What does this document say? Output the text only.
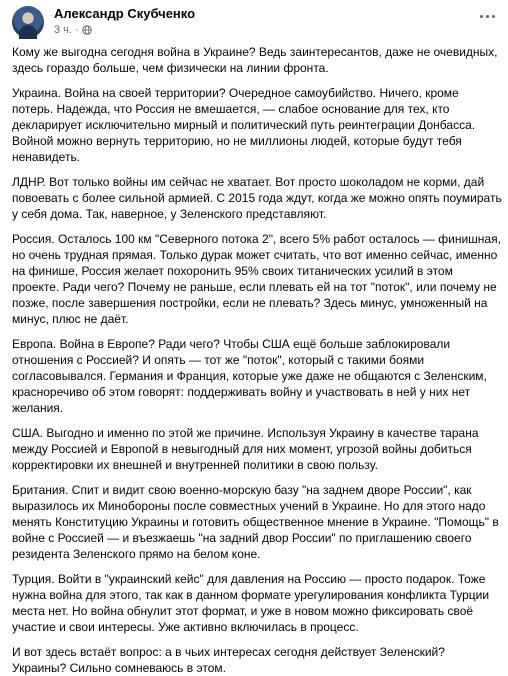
Александр Скубченко
3 ч. ·

Кому же выгодна сегодня война в Украине? Ведь заинтересантов, даже не очевидных, здесь гораздо больше, чем физически на линии фронта.

Украина. Война на своей территории? Очередное самоубийство. Ничего, кроме потерь. Надежда, что Россия не вмешается, — слабое основание для тех, кто декларирует исключительно мирный и политический путь реинтеграции Донбасса. Войной можно вернуть территорию, но не миллионы людей, которые будут тебя ненавидеть.

ЛДНР. Вот только войны им сейчас не хватает. Вот просто шоколадом не корми, дай повоевать с более сильной армией. С 2015 года ждут, когда же можно опять поумирать у себя дома. Так, наверное, у Зеленского представляют.

Россия. Осталось 100 км "Северного потока 2", всего 5% работ осталось — финишная, но очень трудная прямая. Только дурак может считать, что вот именно сейчас, именно на финише, Россия желает похоронить 95% своих титанических усилий в этом проекте. Ради чего? Почему не раньше, если плевать ей на тот "поток", или почему не позже, после завершения постройки, если не плевать? Здесь минус, умноженный на минус, плюс не даёт.

Европа. Война в Европе? Ради чего? Чтобы США ещё больше заблокировали отношения с Россией? И опять — тот же "поток", который с такими боями согласовывался. Германия и Франция, которые уже даже не общаются с Зеленским, красноречиво об этом говорят: поддерживать войну и участвовать в ней у них нет желания.

США. Выгодно и именно по этой же причине. Используя Украину в качестве тарана между Россией и Европой в невыгодный для них момент, угрозой войны добиться корректировки их внешней и внутренней политики в свою пользу.

Британия. Спит и видит свою военно-морскую базу "на заднем дворе России", как выразилось их Минобороны после совместных учений в Украине. Но для этого надо менять Конституцию Украины и готовить общественное мнение в Украине. "Помощь" в войне с Россией — и въезжаешь "на задний двор России" по приглашению своего резидента Зеленского прямо на белом коне.

Турция. Войти в "украинский кейс" для давления на Россию — просто подарок. Тоже нужна война для этого, так как в данном формате урегулирования конфликта Турции места нет. Но война обнулит этот формат, и уже в новом можно фиксировать своё участие и свои интересы. Уже активно включилась в процесс.

И вот здесь встаёт вопрос: а в чьих интересах сегодня действует Зеленский? Украины? Сильно сомневаюсь в этом.
